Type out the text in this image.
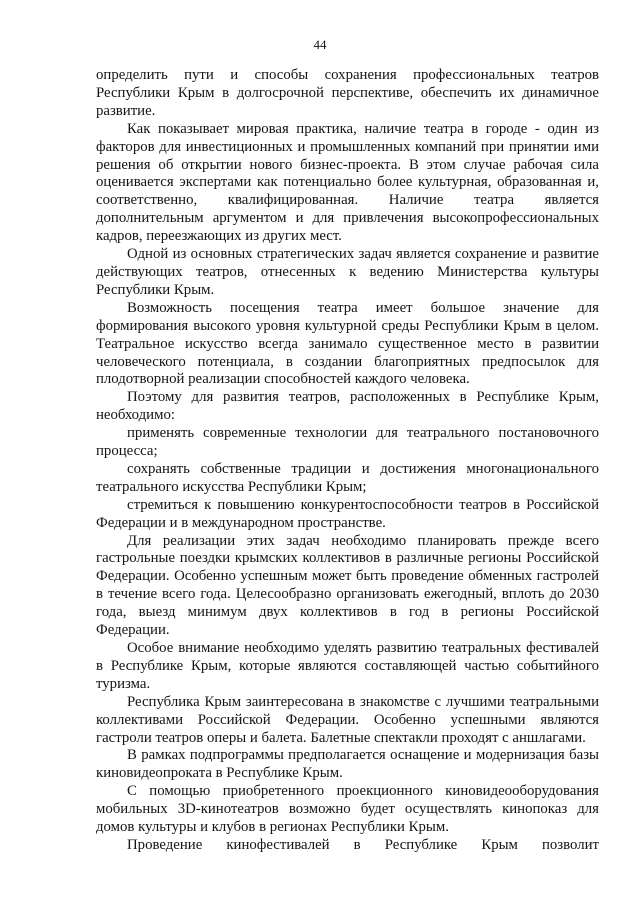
44

определить пути и способы сохранения профессиональных театров Республики Крым в долгосрочной перспективе, обеспечить их динамичное развитие.

Как показывает мировая практика, наличие театра в городе - один из факторов для инвестиционных и промышленных компаний при принятии ими решения об открытии нового бизнес-проекта. В этом случае рабочая сила оценивается экспертами как потенциально более культурная, образованная и, соответственно, квалифицированная. Наличие театра является дополнительным аргументом и для привлечения высокопрофессиональных кадров, переезжающих из других мест.

Одной из основных стратегических задач является сохранение и развитие действующих театров, отнесенных к ведению Министерства культуры Республики Крым.

Возможность посещения театра имеет большое значение для формирования высокого уровня культурной среды Республики Крым в целом. Театральное искусство всегда занимало существенное место в развитии человеческого потенциала, в создании благоприятных предпосылок для плодотворной реализации способностей каждого человека.

Поэтому для развития театров, расположенных в Республике Крым, необходимо:

применять современные технологии для театрального постановочного процесса;

сохранять собственные традиции и достижения многонационального театрального искусства Республики Крым;

стремиться к повышению конкурентоспособности театров в Российской Федерации и в международном пространстве.

Для реализации этих задач необходимо планировать прежде всего гастрольные поездки крымских коллективов в различные регионы Российской Федерации. Особенно успешным может быть проведение обменных гастролей в течение всего года. Целесообразно организовать ежегодный, вплоть до 2030 года, выезд минимум двух коллективов в год в регионы Российской Федерации.

Особое внимание необходимо уделять развитию театральных фестивалей в Республике Крым, которые являются составляющей частью событийного туризма.

Республика Крым заинтересована в знакомстве с лучшими театральными коллективами Российской Федерации. Особенно успешными являются гастроли театров оперы и балета. Балетные спектакли проходят с аншлагами.

В рамках подпрограммы предполагается оснащение и модернизация базы киновидеопроката в Республике Крым.

С помощью приобретенного проекционного киновидеооборудования мобильных 3D-кинотеатров возможно будет осуществлять кинопоказ для домов культуры и клубов в регионах Республики Крым.

Проведение кинофестивалей в Республике Крым позволит
